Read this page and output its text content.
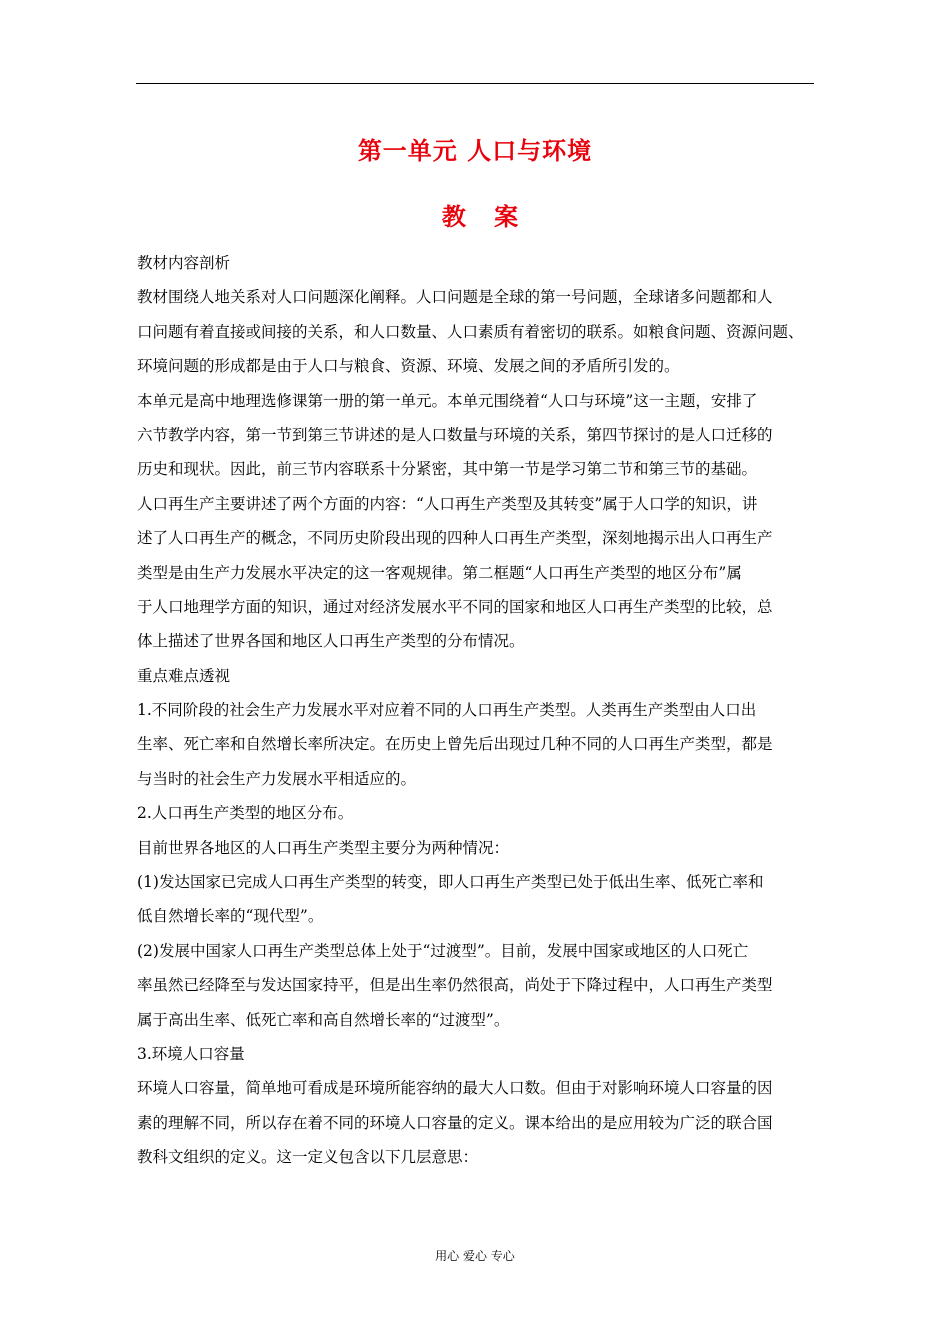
第一单元 人口与环境
教 案
教材内容剖析
教材围绕人地关系对人口问题深化阐释。人口问题是全球的第一号问题，全球诸多问题都和人
口问题有着直接或间接的关系，和人口数量、人口素质有着密切的联系。如粮食问题、资源问题、
环境问题的形成都是由于人口与粮食、资源、环境、发展之间的矛盾所引发的。
本单元是高中地理选修课第一册的第一单元。本单元围绕着“人口与环境”这一主题，安排了
六节教学内容，第一节到第三节讲述的是人口数量与环境的关系，第四节探讨的是人口迁移的
历史和现状。因此，前三节内容联系十分紧密，其中第一节是学习第二节和第三节的基础。
人口再生产主要讲述了两个方面的内容：“人口再生产类型及其转变”属于人口学的知识，讲
述了人口再生产的概念，不同历史阶段出现的四种人口再生产类型，深刻地揭示出人口再生产
类型是由生产力发展水平决定的这一客观规律。第二框题“人口再生产类型的地区分布”属
于人口地理学方面的知识，通过对经济发展水平不同的国家和地区人口再生产类型的比较，总
体上描述了世界各国和地区人口再生产类型的分布情况。
重点难点透视
1.不同阶段的社会生产力发展水平对应着不同的人口再生产类型。人类再生产类型由人口出
生率、死亡率和自然增长率所决定。在历史上曾先后出现过几种不同的人口再生产类型，都是
与当时的社会生产力发展水平相适应的。
2.人口再生产类型的地区分布。
目前世界各地区的人口再生产类型主要分为两种情况：
(1)发达国家已完成人口再生产类型的转变，即人口再生产类型已处于低出生率、低死亡率和
低自然增长率的“现代型”。
(2)发展中国家人口再生产类型总体上处于“过渡型”。目前，发展中国家或地区的人口死亡
率虽然已经降至与发达国家持平，但是出生率仍然很高，尚处于下降过程中，人口再生产类型
属于高出生率、低死亡率和高自然增长率的“过渡型”。
3.环境人口容量
环境人口容量，简单地可看成是环境所能容纳的最大人口数。但由于对影响环境人口容量的因
素的理解不同，所以存在着不同的环境人口容量的定义。课本给出的是应用较为广泛的联合国
教科文组织的定义。这一定义包含以下几层意思：
用心 爱心 专心
